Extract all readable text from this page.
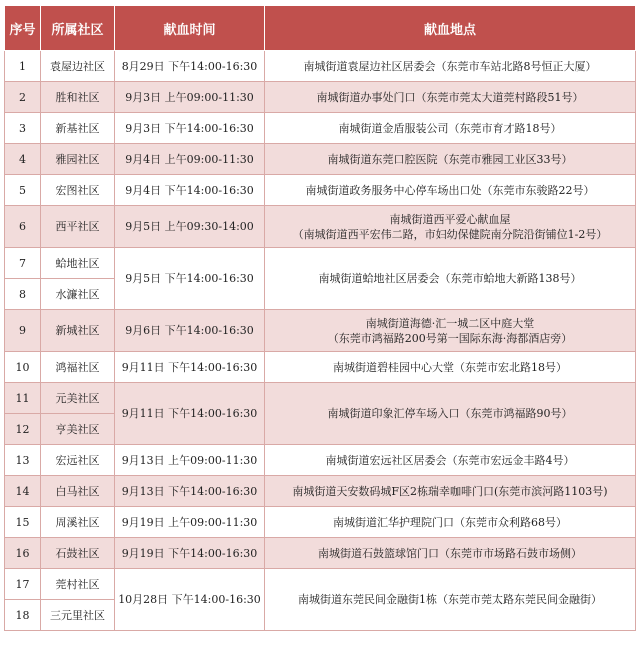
序号	所属社区	献血时间	献血地点
1	袁屋边社区	8月29日 下午14:00-16:30	南城街道袁屋边社区居委会（东莞市车站北路8号恒正大厦）

2	胜和社区	9月3日 上午09:00-11:30	南城街道办事处门口（东莞市莞太大道莞村路段51号）

3	新基社区	9月3日 下午14:00-16:30	南城街道金盾服装公司（东莞市育才路18号）

4	雅园社区	9月4日 上午09:00-11:30	南城街道东莞口腔医院（东莞市雅园工业区33号）

5	宏图社区	9月4日 下午14:00-16:30	南城街道政务服务中心停车场出口处（东莞市东骏路22号）

6	西平社区	9月5日 上午09:30-14:00	南城街道西平爱心献血屋
（南城街道西平宏伟二路，市妇幼保健院南分院沿街铺位1-2号）

7	蛤地社区	9月5日 下午14:00-16:30	南城街道蛤地社区居委会（东莞市蛤地大新路138号）

8	水濂社区		
9	新城社区	9月6日 下午14:00-16:30	南城街道海德·汇一城二区中庭大堂
（东莞市鸿福路200号第一国际东海·海都酒店旁）

10	鸿福社区	9月11日 下午14:00-16:30	南城街道碧桂园中心大堂（东莞市宏北路18号）

11	元美社区	9月11日 下午14:00-16:30	南城街道印象汇停车场入口（东莞市鸿福路90号）

12	亨美社区		
13	宏远社区	9月13日 上午09:00-11:30	南城街道宏远社区居委会（东莞市宏远金丰路4号）

14	白马社区	9月13日 下午14:00-16:30	南城街道天安数码城F区2栋瑞幸咖啡门口(东莞市滨河路1103号)

15	周溪社区	9月19日 上午09:00-11:30	南城街道汇华护理院门口（东莞市众利路68号）

16	石鼓社区	9月19日 下午14:00-16:30	南城街道石鼓篮球馆门口（东莞市市场路石鼓市场侧）

17	莞村社区	10月28日 下午14:00-16:30	南城街道东莞民间金融街1栋（东莞市莞太路东莞民间金融街）

18	三元里社区		
